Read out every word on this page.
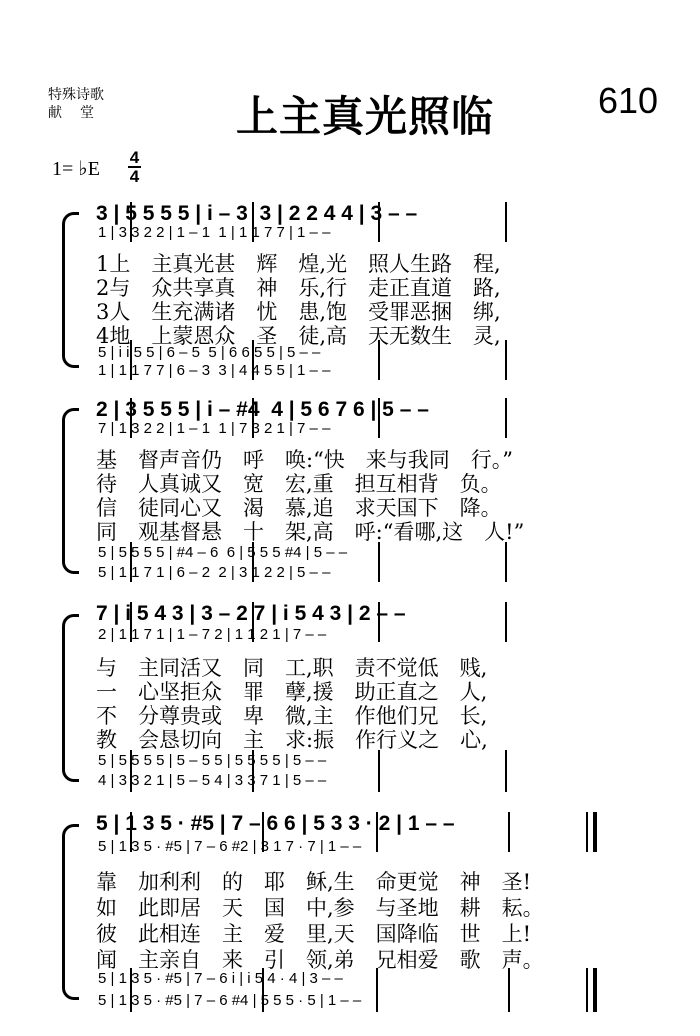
特殊诗歌
献　堂	上主真光照临	610
1= ♭E
4
4
3 | 5 5 5 5 | i – 3  3 | 2 2 4 4 | 3 – –
1 | 3 3 2 2 | 1 – 1  1 | 1 1 7 7 | 1 – –
1上　主真光甚　辉　煌,光　照人生路　程,
2与　众共享真　神　乐,行　走正直道　路,
3人　生充满诸　忧　患,饱　受罪恶捆　绑,
4地　上蒙恩众　圣　徒,高　天无数生　灵,
5 | i i 5 5 | 6 – 5  5 | 6 6 5 5 | 5 – –
1 | 1 1 7 7 | 6 – 3  3 | 4 4 5 5 | 1 – –
2 | 3 5 5 5 | i – #4  4 | 5 6 7 6 | 5 – –
7 | 1 3 2 2 | 1 – 1  1 | 7 3 2 1 | 7 – –
基　督声音仍　呼　唤:“快　来与我同　行。”
待　人真诚又　宽　宏,重　担互相背　负。
信　徒同心又　渴　慕,追　求天国下　降。
同　观基督悬　十　架,高　呼:“看哪,这　人!”
5 | 5 5 5 5 | #4 – 6  6 | 5 5 5 #4 | 5 – –
5 | 1 1 7 1 | 6 – 2  2 | 3 1 2 2 | 5 – –
7 | i 5 4 3 | 3 – 2 7 | i 5 4 3 | 2 – –
2 | 1 1 7 1 | 1 – 7 2 | 1 1 2 1 | 7 – –
与　主同活又　同　工,职　责不觉低　贱,
一　心坚拒众　罪　孽,援　助正直之　人,
不　分尊贵或　卑　微,主　作他们兄　长,
教　会恳切向　主　求:振　作行义之　心,
5 | 5 5 5 5 | 5 – 5 5 | 5 5 5 5 | 5 – –
4 | 3 3 2 1 | 5 – 5 4 | 3 3 7 1 | 5 – –
5 | 1 3 5 · #5 | 7 – 6 6 | 5 3 3 · 2 | 1 – –
5 | 1 3 5 · #5 | 7 – 6 #2 | 3 1 7 · 7 | 1 – –
靠　加利利　的　耶　稣,生　命更觉　神　圣!
如　此即居　天　国　中,参　与圣地　耕　耘。
彼　此相连　主　爱　里,天　国降临　世　上!
闻　主亲自　来　引　领,弟　兄相爱　歌　声。
5 | 1 3 5 · #5 | 7 – 6 i | i 5 4 · 4 | 3 – –
5 | 1 3 5 · #5 | 7 – 6 #4 | 5 5 5 · 5 | 1 – –
